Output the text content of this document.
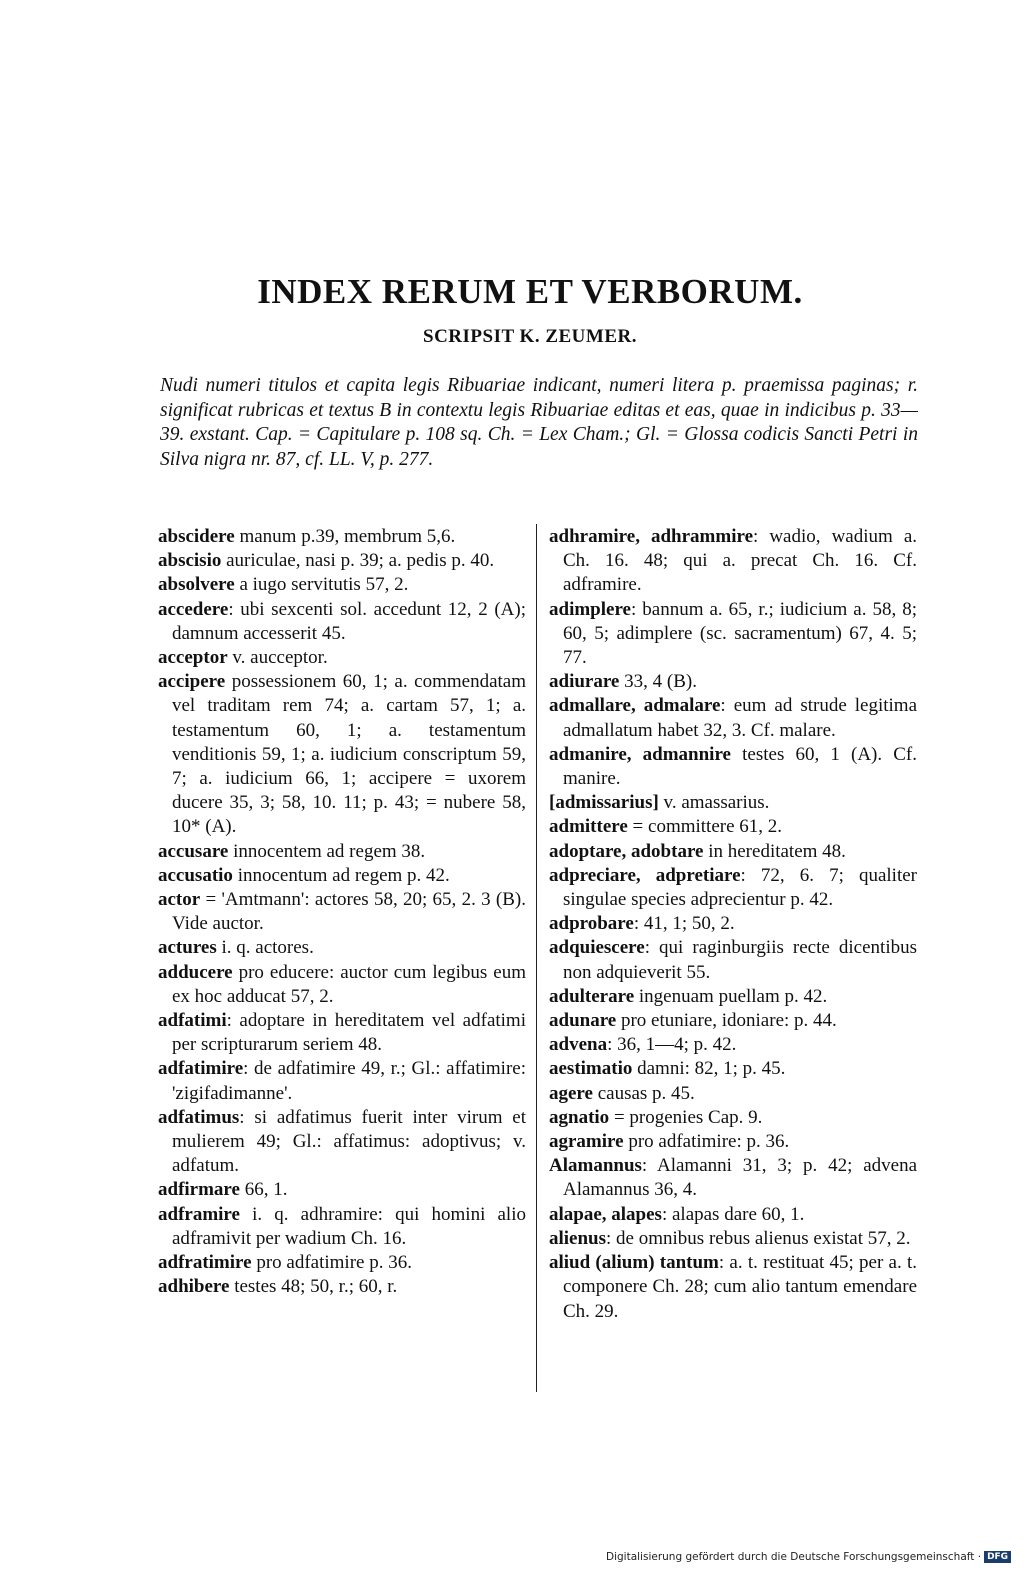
INDEX RERUM ET VERBORUM.
SCRIPSIT K. ZEUMER.
Nudi numeri titulos et capita legis Ribuariae indicant, numeri litera p. praemissa paginas; r. significat rubricas et textus B in contextu legis Ribuariae editas et eas, quae in indicibus p. 33—39. exstant. Cap. = Capitulare p. 108 sq. Ch. = Lex Cham.; Gl. = Glossa codicis Sancti Petri in Silva nigra nr. 87, cf. LL. V, p. 277.

abscidere manum p.39, membrum 5,6.

abscisio auriculae, nasi p. 39; a. pedis p. 40.

absolvere a iugo servitutis 57, 2.

accedere: ubi sexcenti sol. accedunt 12, 2 (A); damnum accesserit 45.

acceptor v. aucceptor.

accipere possessionem 60, 1; a. commendatam vel traditam rem 74; a. cartam 57, 1; a. testamentum 60, 1; a. testamentum venditionis 59, 1; a. iudicium conscriptum 59, 7; a. iudicium 66, 1; accipere = uxorem ducere 35, 3; 58, 10. 11; p. 43; = nubere 58, 10* (A).

accusare innocentem ad regem 38.

accusatio innocentum ad regem p. 42.

actor = 'Amtmann': actores 58, 20; 65, 2. 3 (B). Vide auctor.

actures i. q. actores.

adducere pro educere: auctor cum legibus eum ex hoc adducat 57, 2.

adfatimi: adoptare in hereditatem vel adfatimi per scripturarum seriem 48.

adfatimire: de adfatimire 49, r.; Gl.: affatimire: 'zigifadimanne'.

adfatimus: si adfatimus fuerit inter virum et mulierem 49; Gl.: affatimus: adoptivus; v. adfatum.

adfirmare 66, 1.

adframire i. q. adhramire: qui homini alio adframivit per wadium Ch. 16.

adfratimire pro adfatimire p. 36.

adhibere testes 48; 50, r.; 60, r.

adhramire, adhrammire: wadio, wadium a. Ch. 16. 48; qui a. precat Ch. 16. Cf. adframire.

adimplere: bannum a. 65, r.; iudicium a. 58, 8; 60, 5; adimplere (sc. sacramentum) 67, 4. 5; 77.

adiurare 33, 4 (B).

admallare, admalare: eum ad strude legitima admallatum habet 32, 3. Cf. malare.

admanire, admannire testes 60, 1 (A). Cf. manire.

[admissarius] v. amassarius.

admittere = committere 61, 2.

adoptare, adobtare in hereditatem 48.

adpreciare, adpretiare: 72, 6. 7; qualiter singulae species adprecientur p. 42.

adprobare: 41, 1; 50, 2.

adquiescere: qui raginburgiis recte dicentibus non adquieverit 55.

adulterare ingenuam puellam p. 42.

adunare pro etuniare, idoniare: p. 44.

advena: 36, 1—4; p. 42.

aestimatio damni: 82, 1; p. 45.

agere causas p. 45.

agnatio = progenies Cap. 9.

agramire pro adfatimire: p. 36.

Alamannus: Alamanni 31, 3; p. 42; advena Alamannus 36, 4.

alapae, alapes: alapas dare 60, 1.

alienus: de omnibus rebus alienus existat 57, 2.

aliud (alium) tantum: a. t. restituat 45; per a. t. componere Ch. 28; cum alio tantum emendare Ch. 29.

Digitalisierung gefördert durch die Deutsche Forschungsgemeinschaft · DFG
